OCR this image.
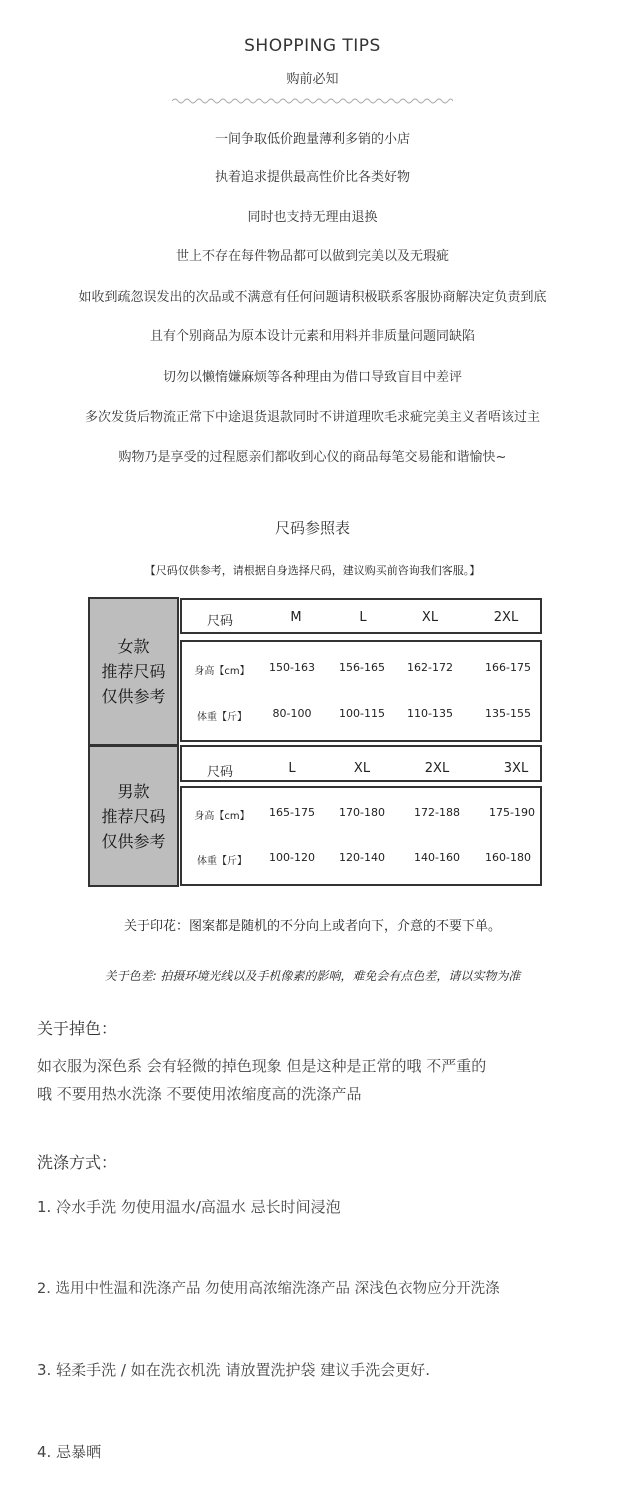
SHOPPING TIPS
购前必知
一间争取低价跑量薄利多销的小店
执着追求提供最高性价比各类好物
同时也支持无理由退换
世上不存在每件物品都可以做到完美以及无瑕疵
如收到疏忽误发出的次品或不满意有任何问题请积极联系客服协商解决定负责到底
且有个别商品为原本设计元素和用料并非质量问题同缺陷
切勿以懒惰嫌麻烦等各种理由为借口导致盲目中差评
多次发货后物流正常下中途退货退款同时不讲道理吹毛求疵完美主义者唔该过主
购物乃是享受的过程愿亲们都收到心仪的商品每笔交易能和谐愉快~
尺码参照表
【尺码仅供参考，请根据自身选择尺码，建议购买前咨询我们客服。】
女款
推荐尺码
仅供参考
尺码	M	L	XL	2XL
身高【cm】 150-163 156-165 162-172	166-175
体重【斤】 80-100	100-115 110-135	135-155
男款
推荐尺码
仅供参考
尺码	L	XL	2XL	3XL
身高【cm】 165-175 170-180	172-188	175-190
体重【斤】 100-120 120-140	140-160 160-180
关于印花：图案都是随机的不分向上或者向下，介意的不要下单。
关于色差: 拍摄环境光线以及手机像素的影响，难免会有点色差，请以实物为准
关于掉色：
如衣服为深色系 会有轻微的掉色现象 但是这种是正常的哦 不严重的
哦 不要用热水洗涤 不要使用浓缩度高的洗涤产品
洗涤方式：
1. 冷水手洗 勿使用温水/高温水 忌长时间浸泡
2. 选用中性温和洗涤产品 勿使用高浓缩洗涤产品 深浅色衣物应分开洗涤
3. 轻柔手洗 / 如在洗衣机洗 请放置洗护袋 建议手洗会更好.
4. 忌暴晒
